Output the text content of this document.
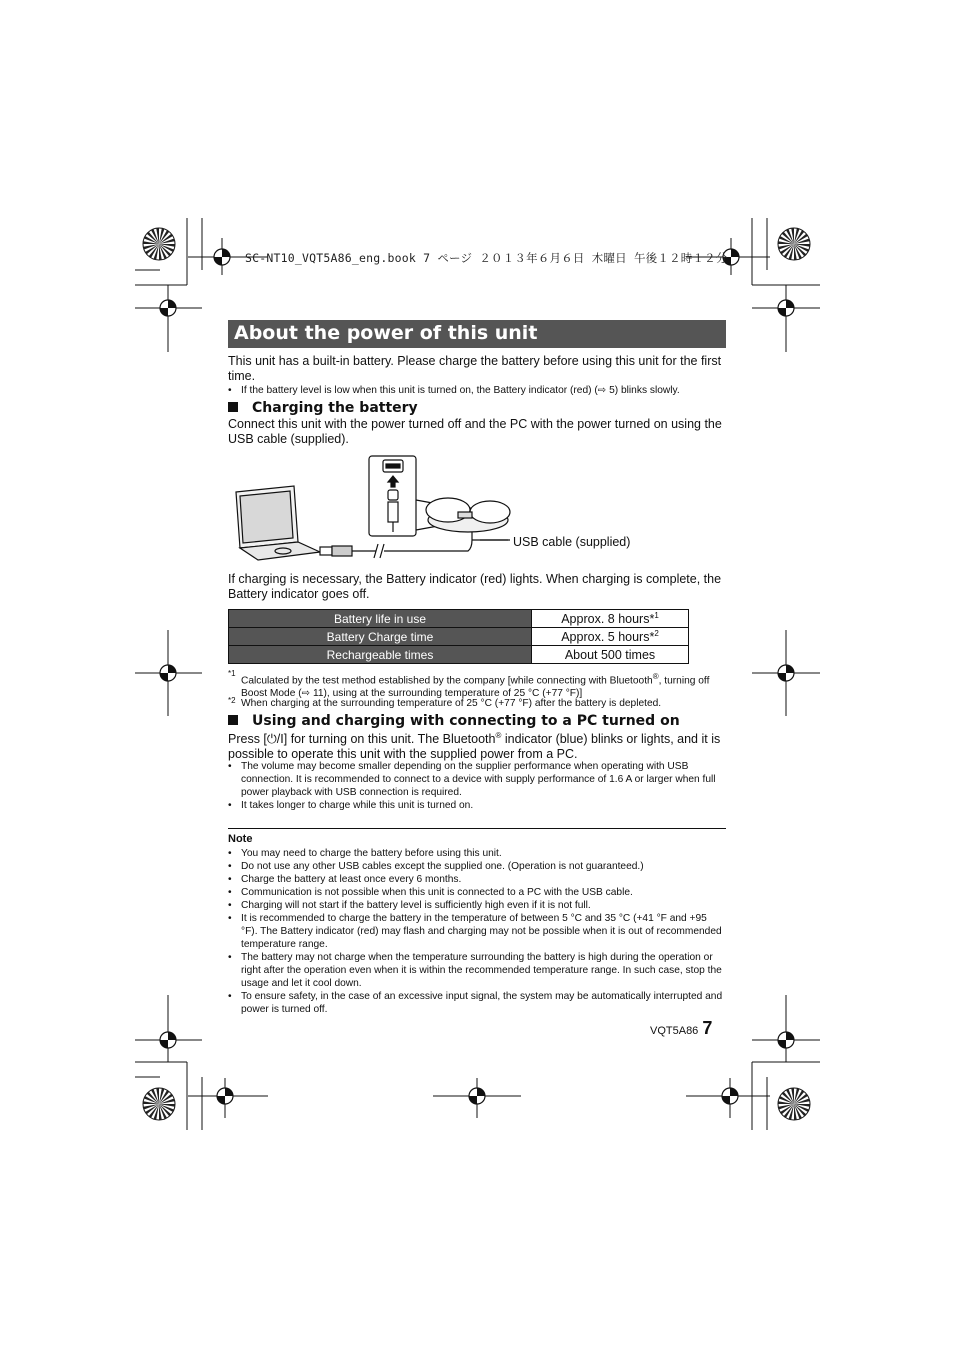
SC-NT10_VQT5A86_eng.book 7 ページ ２０１３年６月６日 木曜日 午後１２時１２分
About the power of this unit
This unit has a built-in battery. Please charge the battery before using this unit for the first time.
• If the battery level is low when this unit is turned on, the Battery indicator (red) (⇨ 5) blinks slowly.
Charging the battery
Connect this unit with the power turned off and the PC with the power turned on using the USB cable (supplied).
USB cable (supplied)
If charging is necessary, the Battery indicator (red) lights. When charging is complete, the Battery indicator goes off.
Battery life in use	Approx. 8 hours*$^1$
Battery Charge time	Approx. 5 hours*$^2$
Rechargeable times	About 500 times
*1
Calculated by the test method established by the company [while connecting with Bluetooth®, turning off Boost Mode (⇨ 11), using at the surrounding temperature of 25 °C (+77 °F)]
*2 When charging at the surrounding temperature of 25 °C (+77 °F) after the battery is depleted.
Using and charging with connecting to a PC turned on
Press [⏻/I] for turning on this unit. The Bluetooth® indicator (blue) blinks or lights, and it is possible to operate this unit with the supplied power from a PC.
• The volume may become smaller depending on the supplier performance when operating with USB connection. It is recommended to connect to a device with supply performance of 1.6 A or larger when full power playback with USB connection is required.
• It takes longer to charge while this unit is turned on.
Note
• You may need to charge the battery before using this unit.
• Do not use any other USB cables except the supplied one. (Operation is not guaranteed.)
• Charge the battery at least once every 6 months.
• Communication is not possible when this unit is connected to a PC with the USB cable.
• Charging will not start if the battery level is sufficiently high even if it is not full.
• It is recommended to charge the battery in the temperature of between 5 °C and 35 °C (+41 °F and +95 °F). The Battery indicator (red) may flash and charging may not be possible when it is out of recommended temperature range.
• The battery may not charge when the temperature surrounding the battery is high during the operation or right after the operation even when it is within the recommended temperature range. In such case, stop the usage and let it cool down.
• To ensure safety, in the case of an excessive input signal, the system may be automatically interrupted and power is turned off.
VQT5A86 7
